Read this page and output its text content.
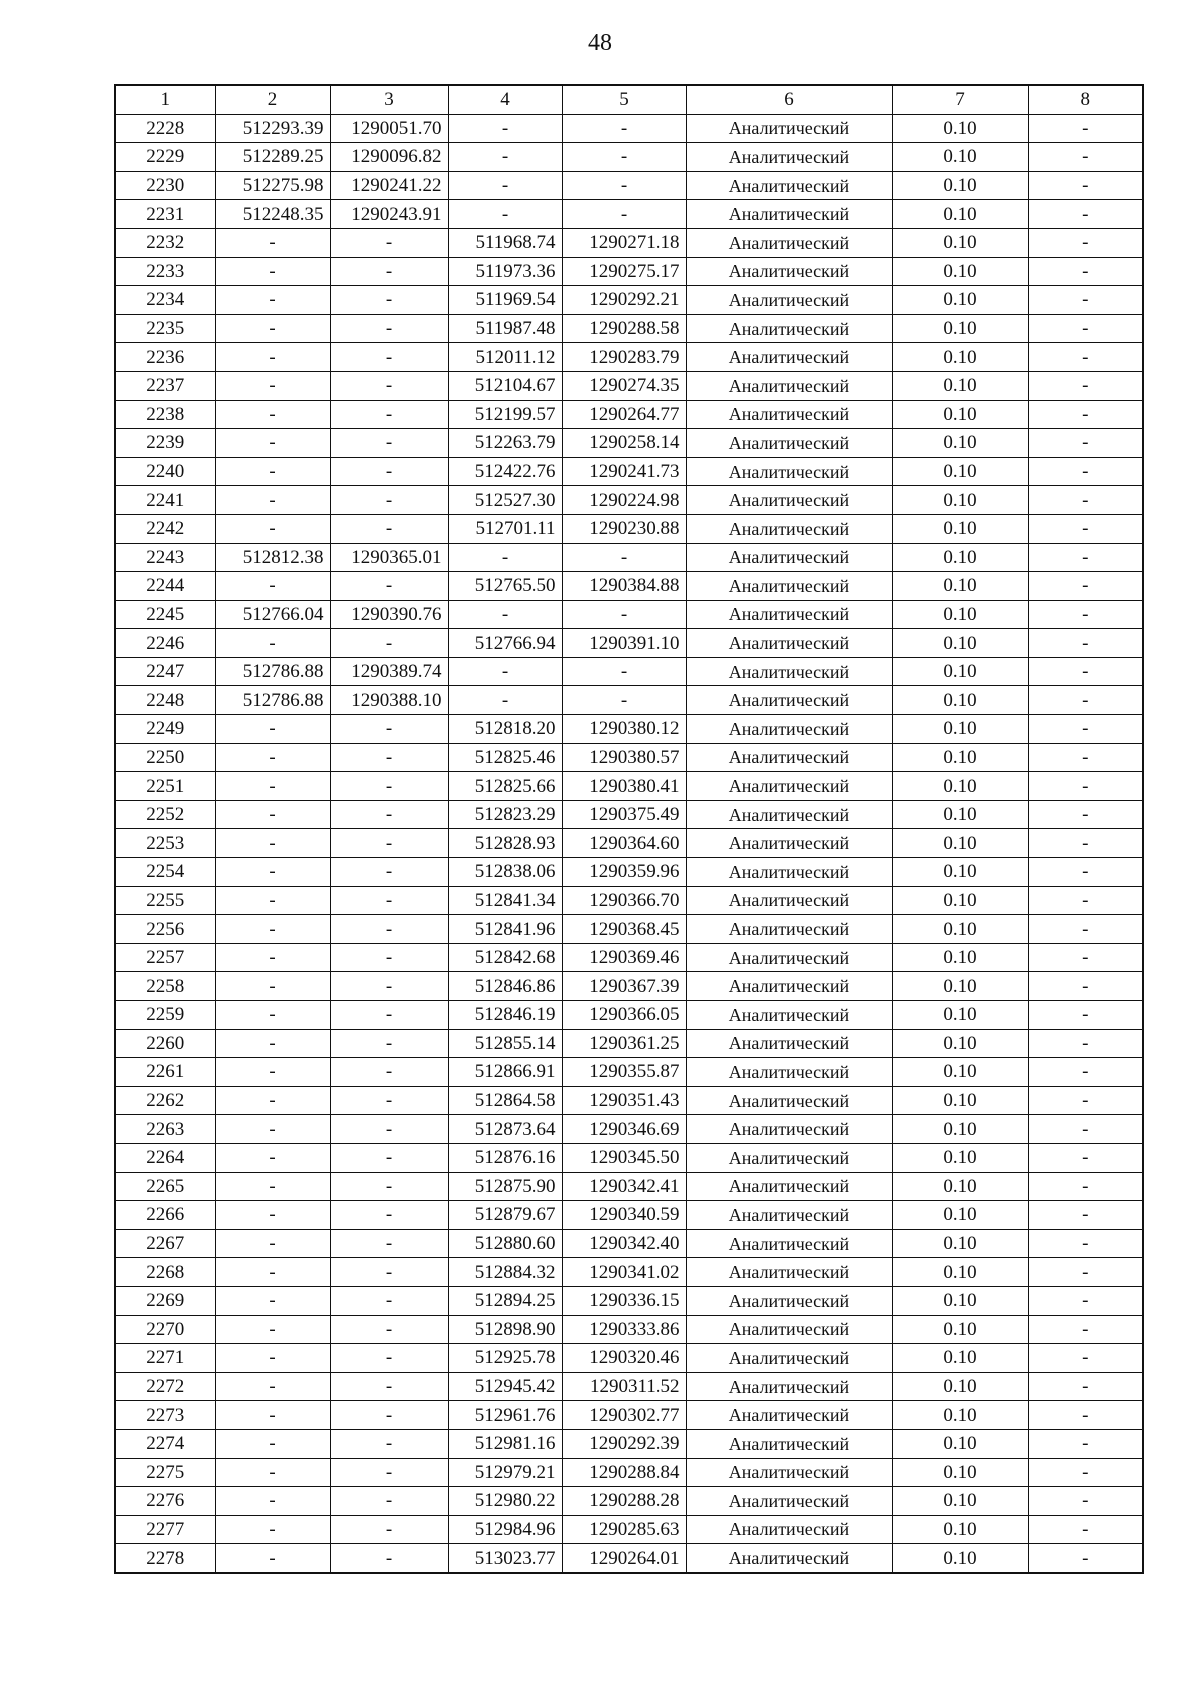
48
1	2	3	4	5	6	7	8
2228	512293.39	1290051.70	-	-	Аналитический	0.10	-
2229	512289.25	1290096.82	-	-	Аналитический	0.10	-
2230	512275.98	1290241.22	-	-	Аналитический	0.10	-
2231	512248.35	1290243.91	-	-	Аналитический	0.10	-
2232	-	-	511968.74	1290271.18	Аналитический	0.10	-
2233	-	-	511973.36	1290275.17	Аналитический	0.10	-
2234	-	-	511969.54	1290292.21	Аналитический	0.10	-
2235	-	-	511987.48	1290288.58	Аналитический	0.10	-
2236	-	-	512011.12	1290283.79	Аналитический	0.10	-
2237	-	-	512104.67	1290274.35	Аналитический	0.10	-
2238	-	-	512199.57	1290264.77	Аналитический	0.10	-
2239	-	-	512263.79	1290258.14	Аналитический	0.10	-
2240	-	-	512422.76	1290241.73	Аналитический	0.10	-
2241	-	-	512527.30	1290224.98	Аналитический	0.10	-
2242	-	-	512701.11	1290230.88	Аналитический	0.10	-
2243	512812.38	1290365.01	-	-	Аналитический	0.10	-
2244	-	-	512765.50	1290384.88	Аналитический	0.10	-
2245	512766.04	1290390.76	-	-	Аналитический	0.10	-
2246	-	-	512766.94	1290391.10	Аналитический	0.10	-
2247	512786.88	1290389.74	-	-	Аналитический	0.10	-
2248	512786.88	1290388.10	-	-	Аналитический	0.10	-
2249	-	-	512818.20	1290380.12	Аналитический	0.10	-
2250	-	-	512825.46	1290380.57	Аналитический	0.10	-
2251	-	-	512825.66	1290380.41	Аналитический	0.10	-
2252	-	-	512823.29	1290375.49	Аналитический	0.10	-
2253	-	-	512828.93	1290364.60	Аналитический	0.10	-
2254	-	-	512838.06	1290359.96	Аналитический	0.10	-
2255	-	-	512841.34	1290366.70	Аналитический	0.10	-
2256	-	-	512841.96	1290368.45	Аналитический	0.10	-
2257	-	-	512842.68	1290369.46	Аналитический	0.10	-
2258	-	-	512846.86	1290367.39	Аналитический	0.10	-
2259	-	-	512846.19	1290366.05	Аналитический	0.10	-
2260	-	-	512855.14	1290361.25	Аналитический	0.10	-
2261	-	-	512866.91	1290355.87	Аналитический	0.10	-
2262	-	-	512864.58	1290351.43	Аналитический	0.10	-
2263	-	-	512873.64	1290346.69	Аналитический	0.10	-
2264	-	-	512876.16	1290345.50	Аналитический	0.10	-
2265	-	-	512875.90	1290342.41	Аналитический	0.10	-
2266	-	-	512879.67	1290340.59	Аналитический	0.10	-
2267	-	-	512880.60	1290342.40	Аналитический	0.10	-
2268	-	-	512884.32	1290341.02	Аналитический	0.10	-
2269	-	-	512894.25	1290336.15	Аналитический	0.10	-
2270	-	-	512898.90	1290333.86	Аналитический	0.10	-
2271	-	-	512925.78	1290320.46	Аналитический	0.10	-
2272	-	-	512945.42	1290311.52	Аналитический	0.10	-
2273	-	-	512961.76	1290302.77	Аналитический	0.10	-
2274	-	-	512981.16	1290292.39	Аналитический	0.10	-
2275	-	-	512979.21	1290288.84	Аналитический	0.10	-
2276	-	-	512980.22	1290288.28	Аналитический	0.10	-
2277	-	-	512984.96	1290285.63	Аналитический	0.10	-
2278	-	-	513023.77	1290264.01	Аналитический	0.10	-
